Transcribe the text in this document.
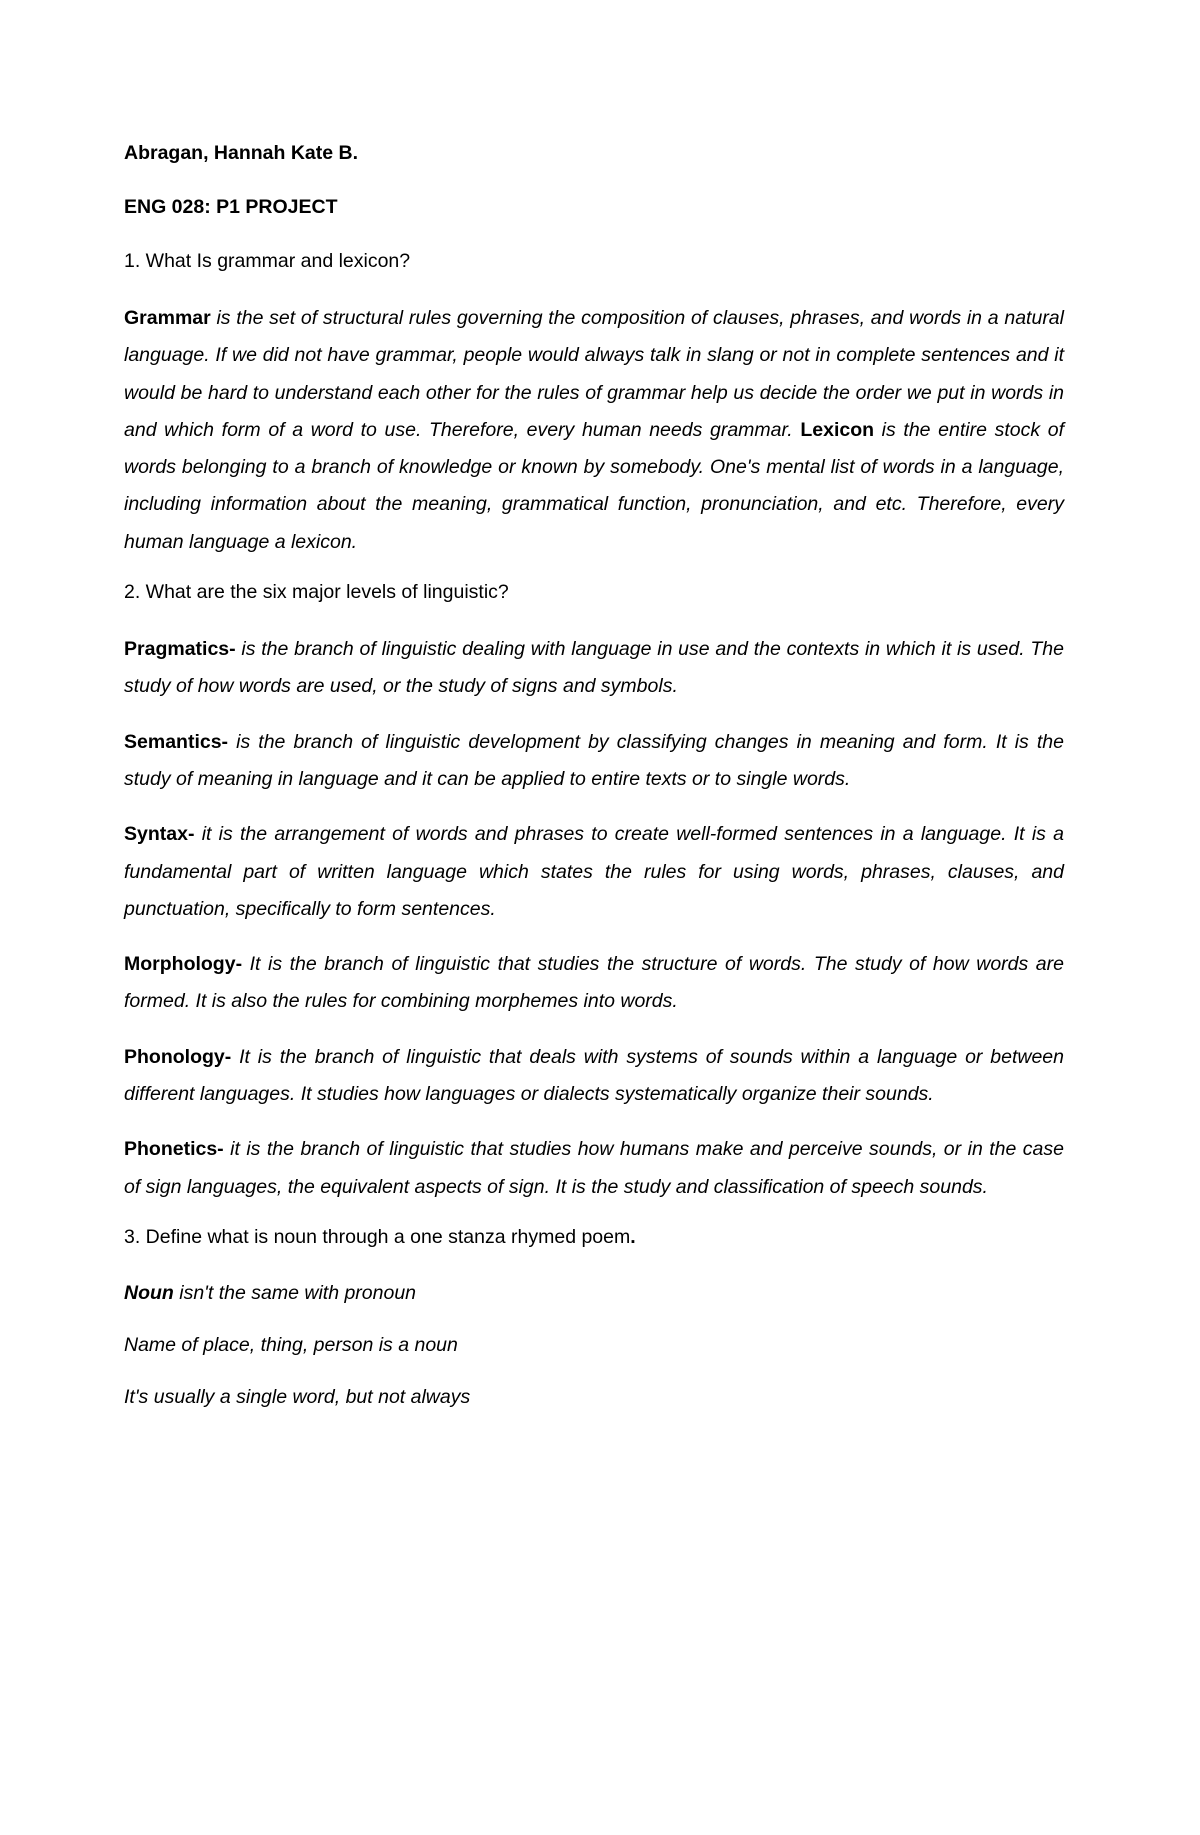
Abragan, Hannah Kate B.

ENG 028: P1 PROJECT

1. What Is grammar and lexicon?

Grammar is the set of structural rules governing the composition of clauses, phrases, and words in a natural language. If we did not have grammar, people would always talk in slang or not in complete sentences and it would be hard to understand each other for the rules of grammar help us decide the order we put in words in and which form of a word to use. Therefore, every human needs grammar. Lexicon is the entire stock of words belonging to a branch of knowledge or known by somebody. One's mental list of words in a language, including information about the meaning, grammatical function, pronunciation, and etc. Therefore, every human language a lexicon.

2. What are the six major levels of linguistic?

Pragmatics- is the branch of linguistic dealing with language in use and the contexts in which it is used. The study of how words are used, or the study of signs and symbols.

Semantics- is the branch of linguistic development by classifying changes in meaning and form. It is the study of meaning in language and it can be applied to entire texts or to single words.

Syntax- it is the arrangement of words and phrases to create well-formed sentences in a language. It is a fundamental part of written language which states the rules for using words, phrases, clauses, and punctuation, specifically to form sentences.

Morphology- It is the branch of linguistic that studies the structure of words. The study of how words are formed. It is also the rules for combining morphemes into words.

Phonology- It is the branch of linguistic that deals with systems of sounds within a language or between different languages. It studies how languages or dialects systematically organize their sounds.

Phonetics- it is the branch of linguistic that studies how humans make and perceive sounds, or in the case of sign languages, the equivalent aspects of sign. It is the study and classification of speech sounds.

3. Define what is noun through a one stanza rhymed poem.

Noun isn't the same with pronoun

Name of place, thing, person is a noun

It's usually a single word, but not always
